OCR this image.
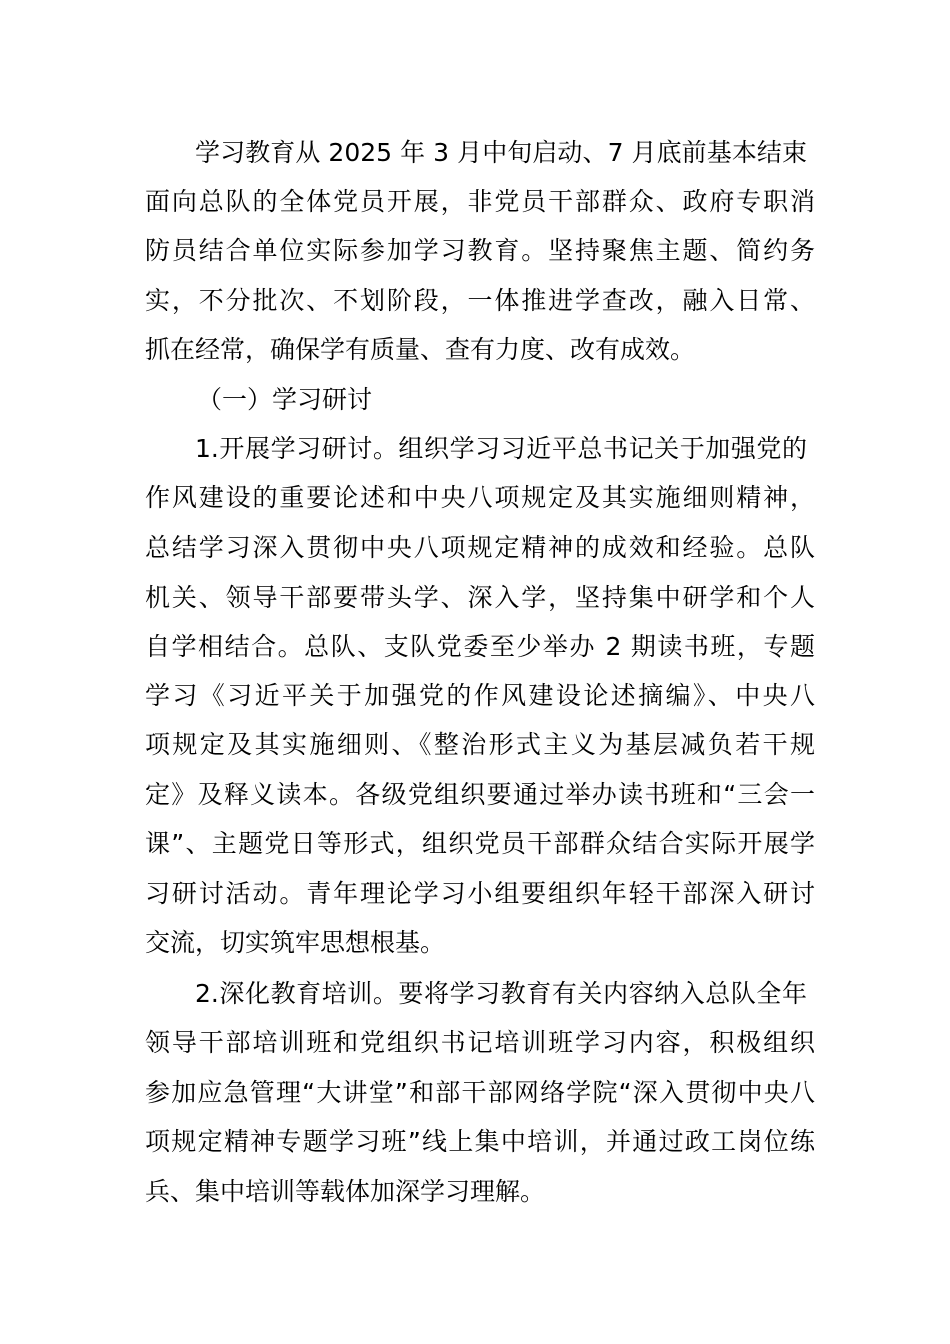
学习教育从 2025 年 3 月中旬启动、7 月底前基本结束

面向总队的全体党员开展，非党员干部群众、政府专职消

防员结合单位实际参加学习教育。坚持聚焦主题、简约务

实，不分批次、不划阶段，一体推进学查改，融入日常、

抓在经常，确保学有质量、查有力度、改有成效。

（一）学习研讨

1.开展学习研讨。组织学习习近平总书记关于加强党的

作风建设的重要论述和中央八项规定及其实施细则精神，

总结学习深入贯彻中央八项规定精神的成效和经验。总队

机关、领导干部要带头学、深入学，坚持集中研学和个人

自学相结合。总队、支队党委至少举办 2 期读书班，专题

学习《习近平关于加强党的作风建设论述摘编》、中央八

项规定及其实施细则、《整治形式主义为基层减负若干规

定》及释义读本。各级党组织要通过举办读书班和“三会一

课”、主题党日等形式，组织党员干部群众结合实际开展学

习研讨活动。青年理论学习小组要组织年轻干部深入研讨

交流，切实筑牢思想根基。

2.深化教育培训。要将学习教育有关内容纳入总队全年

领导干部培训班和党组织书记培训班学习内容，积极组织

参加应急管理“大讲堂”和部干部网络学院“深入贯彻中央八

项规定精神专题学习班”线上集中培训，并通过政工岗位练

兵、集中培训等载体加深学习理解。
